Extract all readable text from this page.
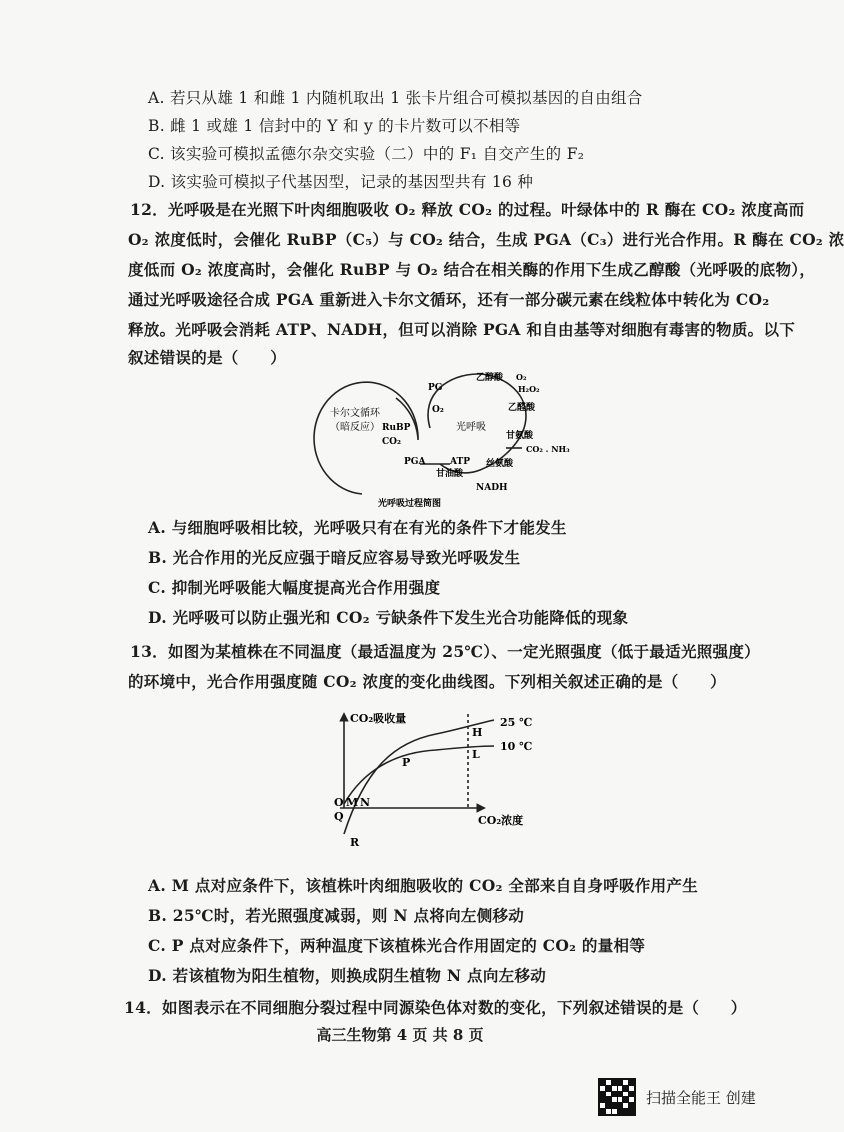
A. 若只从雄 1 和雌 1 内随机取出 1 张卡片组合可模拟基因的自由组合
B. 雌 1 或雄 1 信封中的 Y 和 y 的卡片数可以不相等
C. 该实验可模拟孟德尔杂交实验（二）中的 F₁ 自交产生的 F₂
D. 该实验可模拟子代基因型，记录的基因型共有 16 种
12．光呼吸是在光照下叶肉细胞吸收 O₂ 释放 CO₂ 的过程。叶绿体中的 R 酶在 CO₂ 浓度高而
O₂ 浓度低时，会催化 RuBP（C₅）与 CO₂ 结合，生成 PGA（C₃）进行光合作用。R 酶在 CO₂ 浓
度低而 O₂ 浓度高时，会催化 RuBP 与 O₂ 结合在相关酶的作用下生成乙醇酸（光呼吸的底物），
通过光呼吸途径合成 PGA 重新进入卡尔文循环，还有一部分碳元素在线粒体中转化为 CO₂
释放。光呼吸会消耗 ATP、NADH，但可以消除 PGA 和自由基等对细胞有毒害的物质。以下
叙述错误的是（　　）
卡尔文循环
（暗反应） RuBP
CO₂
PGA
PG
O₂
光呼吸
乙醇酸 O₂
H₂O₂
乙醛酸
甘氨酸
CO₂ . NH₃
丝氨酸
ATP
甘油酸
NADH
光呼吸过程简图
A. 与细胞呼吸相比较，光呼吸只有在有光的条件下才能发生
B. 光合作用的光反应强于暗反应容易导致光呼吸发生
C. 抑制光呼吸能大幅度提高光合作用强度
D. 光呼吸可以防止强光和 CO₂ 亏缺条件下发生光合功能降低的现象
13．如图为某植株在不同温度（最适温度为 25℃）、一定光照强度（低于最适光照强度）
的环境中，光合作用强度随 CO₂ 浓度的变化曲线图。下列相关叙述正确的是（　　）
CO₂吸收量
CO₂浓度
25 ℃
10 ℃
O M N
Q
R
P
H
L
A. M 点对应条件下，该植株叶肉细胞吸收的 CO₂ 全部来自自身呼吸作用产生
B. 25℃时，若光照强度减弱，则 N 点将向左侧移动
C. P 点对应条件下，两种温度下该植株光合作用固定的 CO₂ 的量相等
D. 若该植物为阳生植物，则换成阴生植物 N 点向左移动
14．如图表示在不同细胞分裂过程中同源染色体对数的变化，下列叙述错误的是（　　）
高三生物第 4 页 共 8 页
扫描全能王 创建
